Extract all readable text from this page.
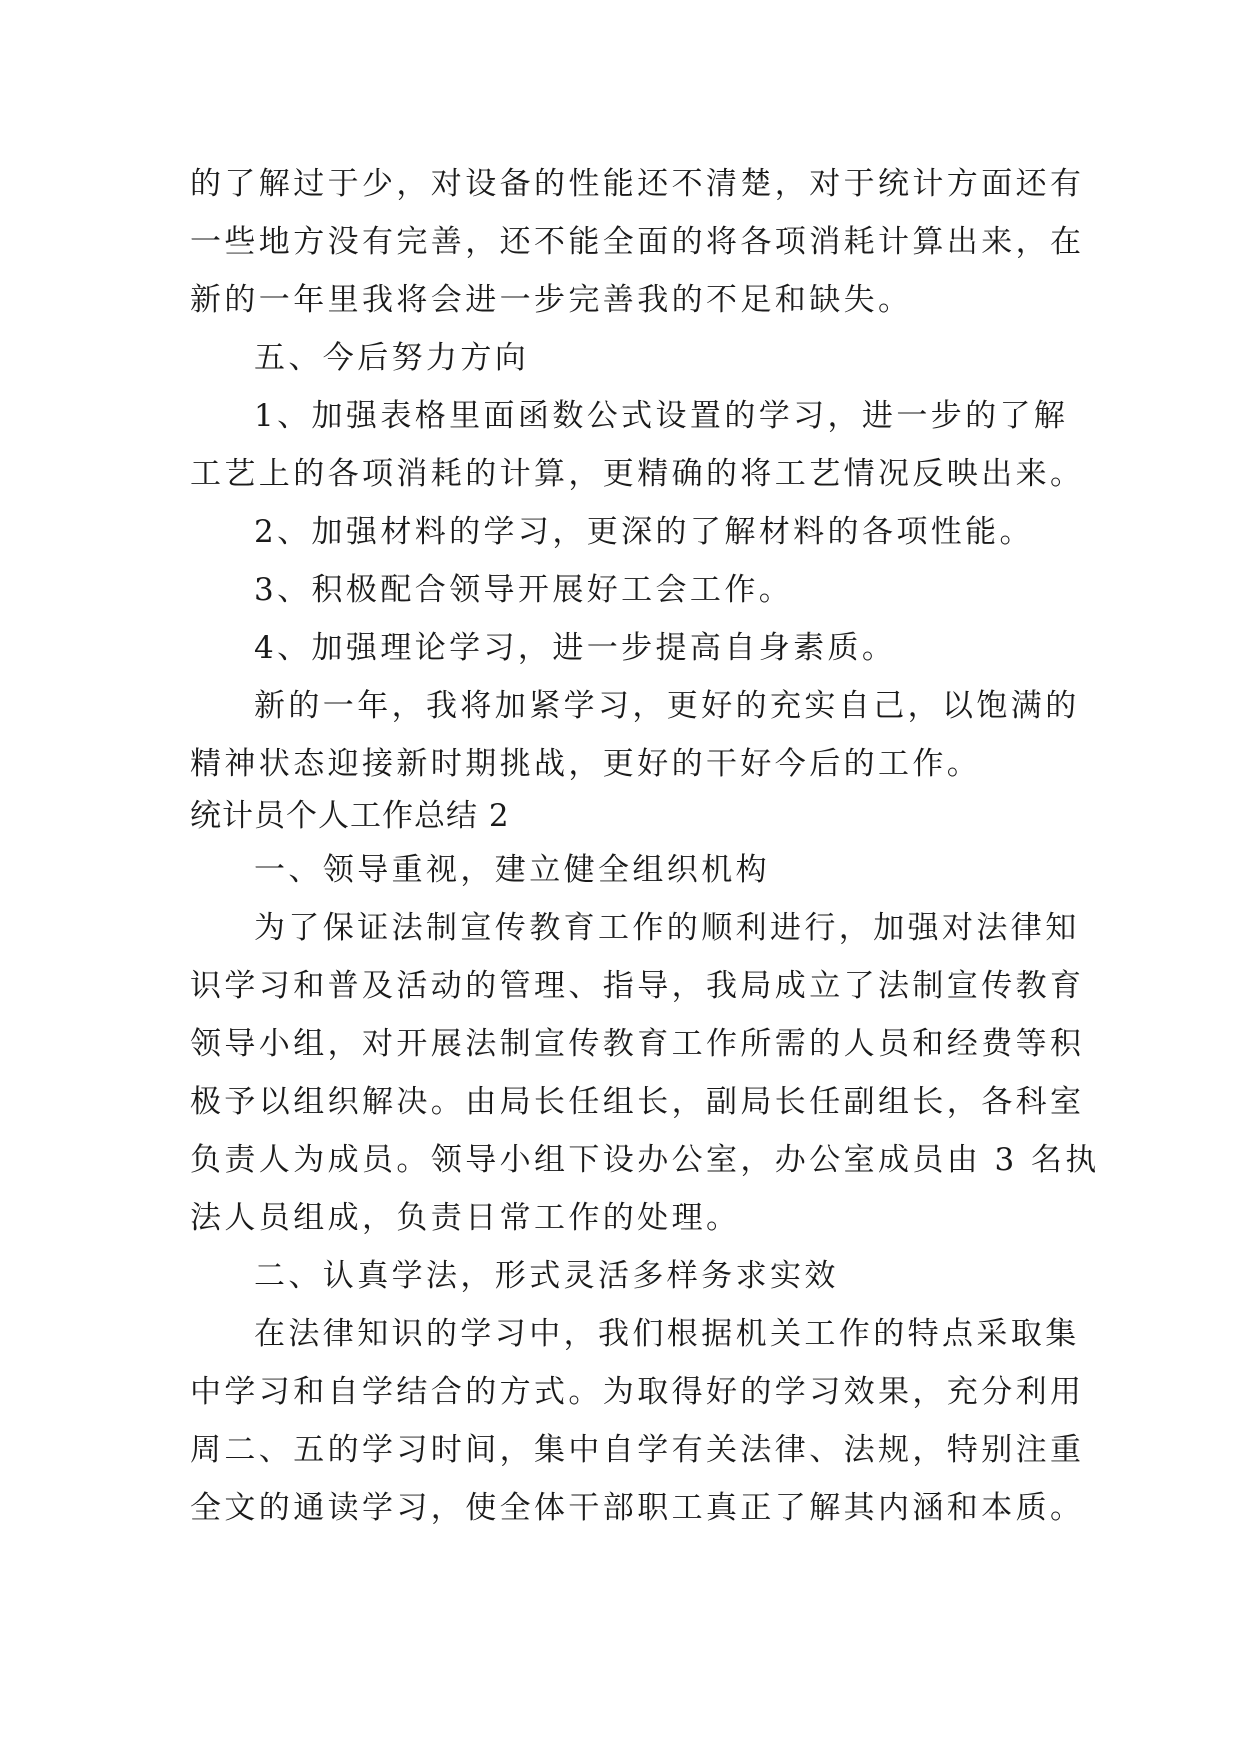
的了解过于少，对设备的性能还不清楚，对于统计方面还有
一些地方没有完善，还不能全面的将各项消耗计算出来，在
新的一年里我将会进一步完善我的不足和缺失。
五、今后努力方向
1、加强表格里面函数公式设置的学习，进一步的了解
工艺上的各项消耗的计算，更精确的将工艺情况反映出来。
2、加强材料的学习，更深的了解材料的各项性能。
3、积极配合领导开展好工会工作。
4、加强理论学习，进一步提高自身素质。
新的一年，我将加紧学习，更好的充实自己，以饱满的
精神状态迎接新时期挑战，更好的干好今后的工作。
统计员个人工作总结 2
一、领导重视，建立健全组织机构
为了保证法制宣传教育工作的顺利进行，加强对法律知
识学习和普及活动的管理、指导，我局成立了法制宣传教育
领导小组，对开展法制宣传教育工作所需的人员和经费等积
极予以组织解决。由局长任组长，副局长任副组长，各科室
负责人为成员。领导小组下设办公室，办公室成员由 3 名执
法人员组成，负责日常工作的处理。
二、认真学法，形式灵活多样务求实效
在法律知识的学习中，我们根据机关工作的特点采取集
中学习和自学结合的方式。为取得好的学习效果，充分利用
周二、五的学习时间，集中自学有关法律、法规，特别注重
全文的通读学习，使全体干部职工真正了解其内涵和本质。
